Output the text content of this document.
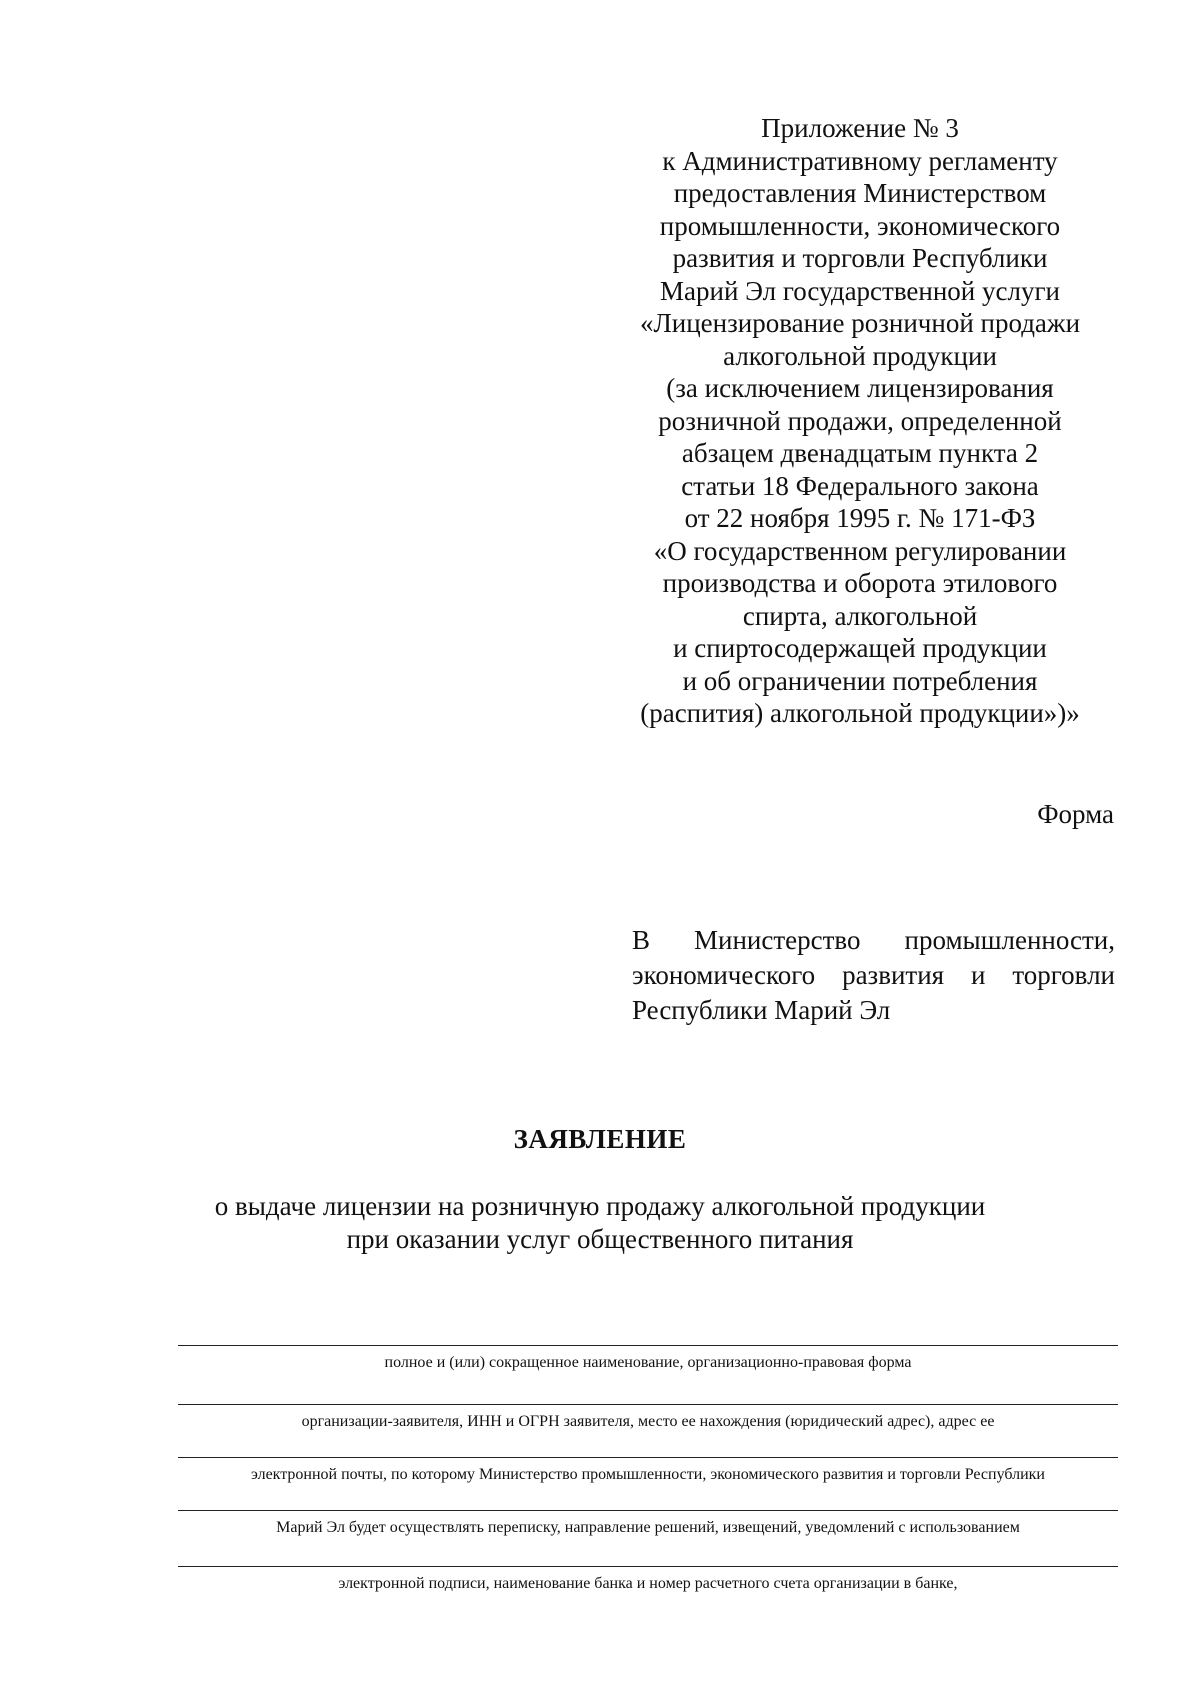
Приложение № 3
к Административному регламенту
предоставления Министерством
промышленности, экономического
развития и торговли Республики
Марий Эл государственной услуги
«Лицензирование розничной продажи
алкогольной продукции
(за исключением лицензирования
розничной продажи, определенной
абзацем двенадцатым пункта 2
статьи 18 Федерального закона
от 22 ноября 1995 г. № 171-ФЗ
«О государственном регулировании
производства и оборота этилового
спирта, алкогольной
и спиртосодержащей продукции
и об ограничении потребления
(распития) алкогольной продукции»)»
Форма
В Министерство промышленности,
экономического развития и торговли
Республики Марий Эл
ЗАЯВЛЕНИЕ
о выдаче лицензии на розничную продажу алкогольной продукции
при оказании услуг общественного питания
полное и (или) сокращенное наименование, организационно-правовая форма
организации-заявителя, ИНН и ОГРН заявителя, место ее нахождения (юридический адрес), адрес ее
электронной почты, по которому Министерство промышленности, экономического развития и торговли Республики
Марий Эл будет осуществлять переписку, направление решений, извещений, уведомлений с использованием
электронной подписи, наименование банка и номер расчетного счета организации в банке,
